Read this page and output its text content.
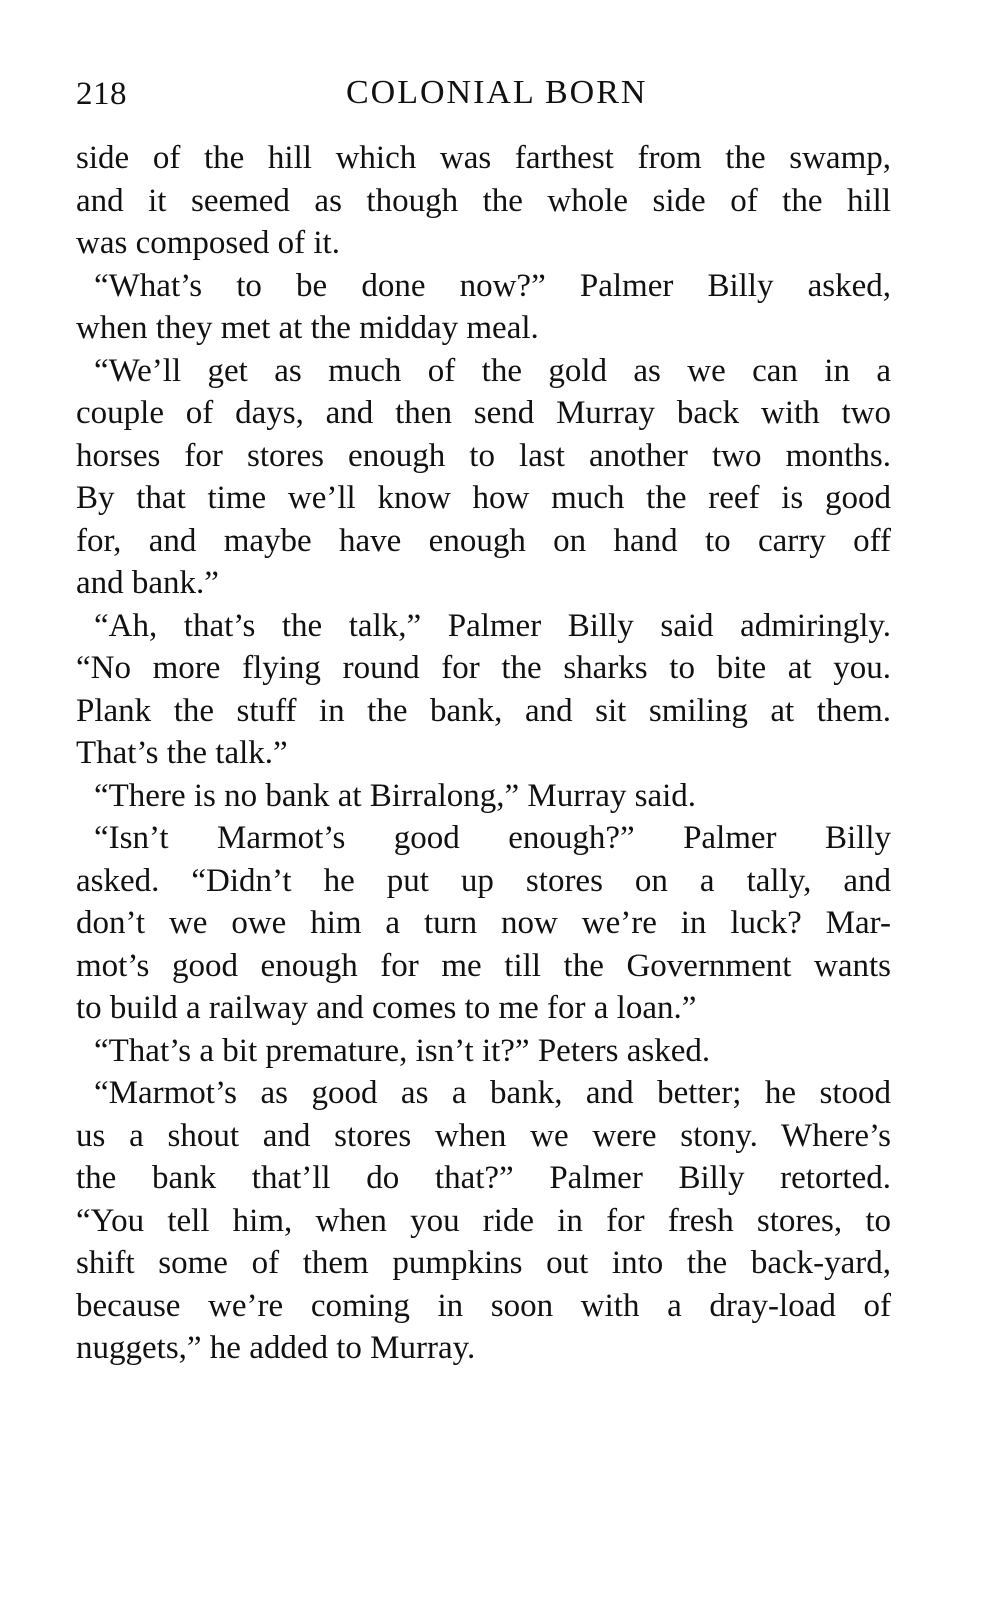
218	COLONIAL BORN
side of the hill which was farthest from the swamp,
and it seemed as though the whole side of the hill
was composed of it.
“What’s to be done now?” Palmer Billy asked,
when they met at the midday meal.
“We’ll get as much of the gold as we can in a
couple of days, and then send Murray back with two
horses for stores enough to last another two months.
By that time we’ll know how much the reef is good
for, and maybe have enough on hand to carry off
and bank.”
“Ah, that’s the talk,” Palmer Billy said admiringly.
“No more flying round for the sharks to bite at you.
Plank the stuff in the bank, and sit smiling at them.
That’s the talk.”
“There is no bank at Birralong,” Murray said.
“Isn’t Marmot’s good enough?” Palmer Billy
asked. “Didn’t he put up stores on a tally, and
don’t we owe him a turn now we’re in luck? Mar-
mot’s good enough for me till the Government wants
to build a railway and comes to me for a loan.”
“That’s a bit premature, isn’t it?” Peters asked.
“Marmot’s as good as a bank, and better; he stood
us a shout and stores when we were stony. Where’s
the bank that’ll do that?” Palmer Billy retorted.
“You tell him, when you ride in for fresh stores, to
shift some of them pumpkins out into the back-yard,
because we’re coming in soon with a dray-load of
nuggets,” he added to Murray.
